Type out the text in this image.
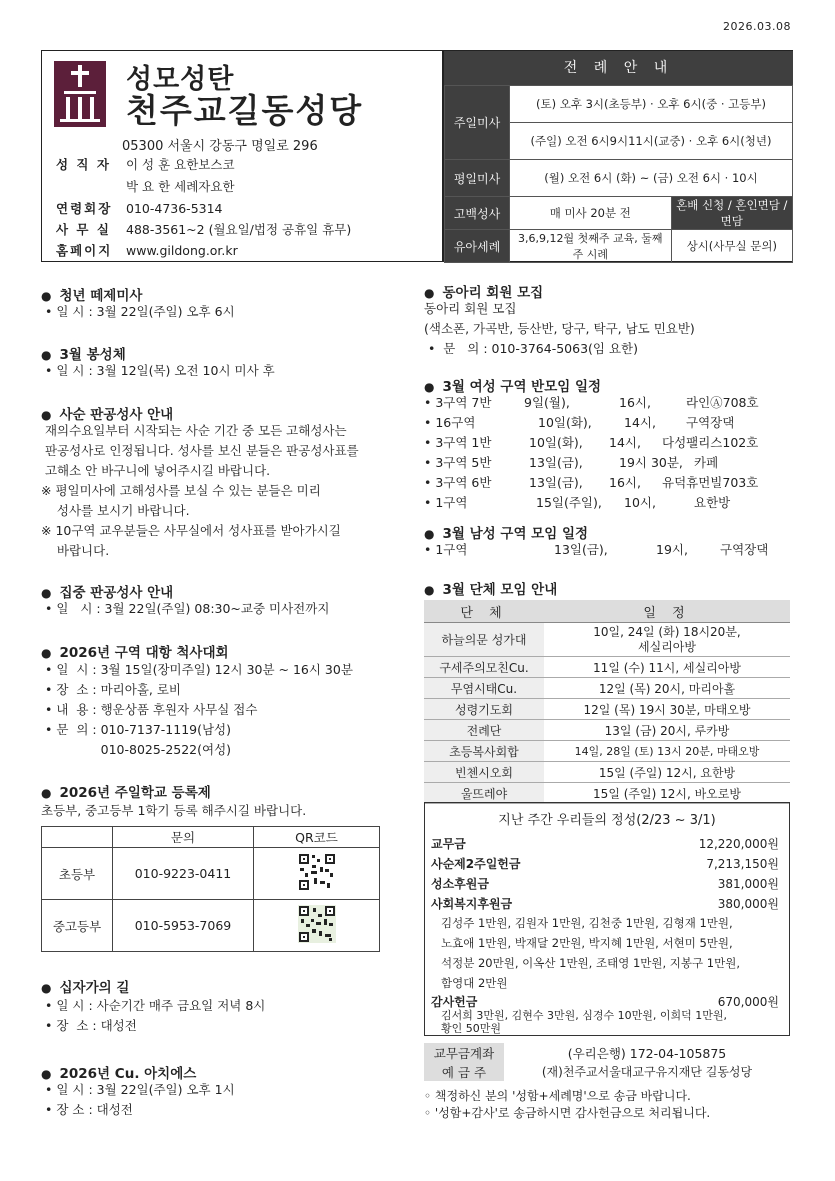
2026.03.08
성모성탄
천주교길동성당
05300 서울시 강동구 명일로 296
성 직 자 이 성 훈 요한보스코
박 요 한 세례자요한
연령회장 010-4736-5314
사 무 실 488-3561~2 (월요일/법정 공휴일 휴무)
홈페이지 www.gildong.or.kr
전 례 안 내
주일미사	(토) 오후 3시(초등부) · 오후 6시(중 · 고등부)	
	(주일) 오전 6시9시11시(교중) · 오후 6시(청년)	
평일미사	(월) 오전 6시 (화) ~ (금) 오전 6시 · 10시	
고백성사	매 미사 20분 전	혼배 신청 / 혼인면담 / 면담
유아세례	3,6,9,12월 첫째주 교육, 둘째주 시례	상시(사무실 문의)
● 청년 떼제미사
• 일 시 : 3월 22일(주일) 오후 6시
● 3월 봉성체
• 일 시 : 3월 12일(목) 오전 10시 미사 후
● 사순 판공성사 안내
재의수요일부터 시작되는 사순 기간 중 모든 고해성사는
판공성사로 인정됩니다. 성사를 보신 분들은 판공성사표를
고해소 안 바구니에 넣어주시길 바랍니다.
※ 평일미사에 고해성사를 보실 수 있는 분들은 미리
성사를 보시기 바랍니다.
※ 10구역 교우분들은 사무실에서 성사표를 받아가시길
바랍니다.
● 집중 판공성사 안내
• 일   시 : 3월 22일(주일) 08:30~교중 미사전까지
● 2026년 구역 대항 척사대회
• 일  시 : 3월 15일(장미주일) 12시 30분 ~ 16시 30분
• 장  소 : 마리아홀, 로비
• 내  용 : 행운상품 후원자 사무실 접수
• 문  의 : 010-7137-1119(남성)
010-8025-2522(여성)
● 2026년 주일학교 등록제
초등부, 중고등부 1학기 등록 해주시길 바랍니다.
	문의	QR코드
초등부	010-9223-0411	
중고등부	010-5953-7069	
● 십자가의 길
• 일 시 : 사순기간 매주 금요일 저녁 8시
• 장  소 : 대성전
● 2026년 Cu. 아치에스
• 일 시 : 3월 22일(주일) 오후 1시
• 장 소 : 대성전
● 동아리 회원 모집
동아리 회원 모집
(색소폰, 가곡반, 등산반, 당구, 탁구, 남도 민요반)
•  문   의 : 010-3764-5063(임 요한)
● 3월 여성 구역 반모임 일정
• 3구역 7반	9일(월),	16시,	라인Ⓐ708호
• 16구역	10일(화),	14시, 구역장댁
• 3구역 1반	10일(화), 14시, 다성팰리스102호
• 3구역 5반	13일(금),	19시 30분, 카페
• 3구역 6반	13일(금), 16시, 유덕휴먼빌703호
• 1구역	15일(주일), 10시,	요한방
● 3월 남성 구역 모임 일정
• 1구역	13일(금),	19시,	구역장댁
● 3월 단체 모임 안내
단 체	일 정
하늘의문 성가대	10일, 24일 (화) 18시20분,
세실리아방
구세주의모친Cu.	11일 (수) 11시, 세실리아방
무염시태Cu.	12일 (목) 20시, 마리아홀
성령기도회	12일 (목) 19시 30분, 마태오방
전례단	13일 (금) 20시, 루카방
초등복사회합	14일, 28일 (토) 13시 20분, 마태오방
빈첸시오회	15일 (주일) 12시, 요한방
울뜨레야	15일 (주일) 12시, 바오로방
지난 주간 우리들의 정성(2/23 ~ 3/1)
교무금	12,220,000원
사순제2주일헌금	7,213,150원
성소후원금	381,000원
사회복지후원금	380,000원
김성주 1만원, 김원자 1만원, 김천중 1만원, 김형재 1만원,
노효애 1만원, 박재달 2만원, 박지혜 1만원, 서현미 5만원,
석정분 20만원, 이옥산 1만원, 조태영 1만원, 지봉구 1만원,
함영대 2만원
감사헌금	670,000원
김서희 3만원, 김현수 3만원, 심경수 10만원, 이희덕 1만원,
황인 50만원
교무금계좌	(우리은행) 172-04-105875
예 금 주	(재)천주교서울대교구유지재단 길동성당
◦ 책정하신 분의 '성함+세례명'으로 송금 바랍니다.
◦ '성함+감사'로 송금하시면 감사헌금으로 처리됩니다.
